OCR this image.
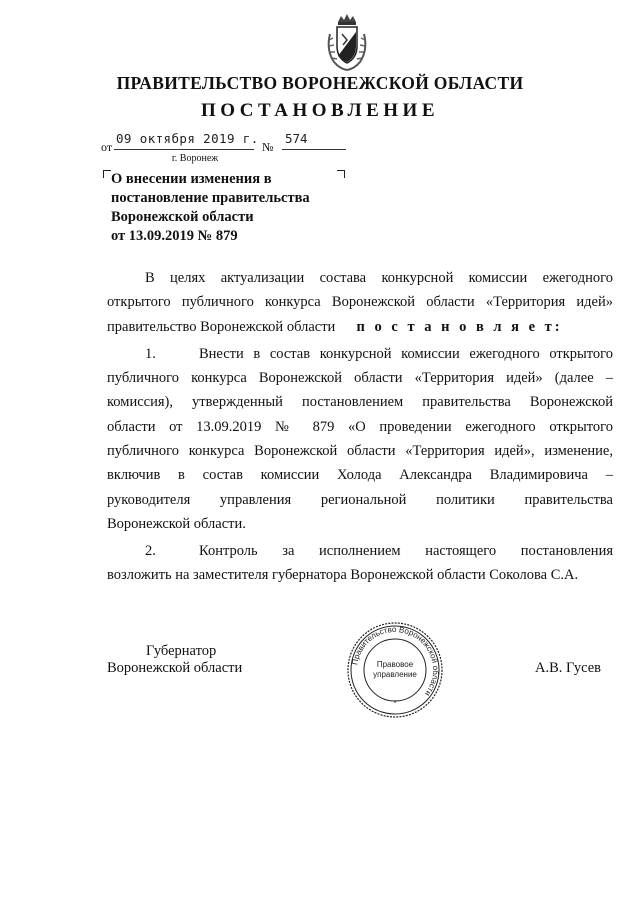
ПРАВИТЕЛЬСТВО ВОРОНЕЖСКОЙ ОБЛАСТИ
ПОСТАНОВЛЕНИЕ
от
09 октября 2019 г.
№
574
г. Воронеж
О внесении изменения в
постановление правительства
Воронежской области
от 13.09.2019 № 879
В целях актуализации состава конкурсной комиссии ежегодного
открытого публичного конкурса Воронежской области «Территория идей»
правительство Воронежской области п о с т а н о в л я е т:
1.	Внести в состав конкурсной комиссии ежегодного открытого
публичного конкурса Воронежской области «Территория идей» (далее –
комиссия), утвержденный постановлением правительства Воронежской
области от 13.09.2019 № 879 «О проведении ежегодного открытого
публичного конкурса Воронежской области «Территория идей», изменение,
включив в состав комиссии Холода Александра Владимировича –
руководителя управления региональной политики правительства
Воронежской области.
2.	Контроль за исполнением настоящего постановления
возложить на заместителя губернатора Воронежской области Соколова С.А.
Губернатор
Воронежской области	А.В. Гусев
Правительство Воронежской области
Правовое
управление
*
